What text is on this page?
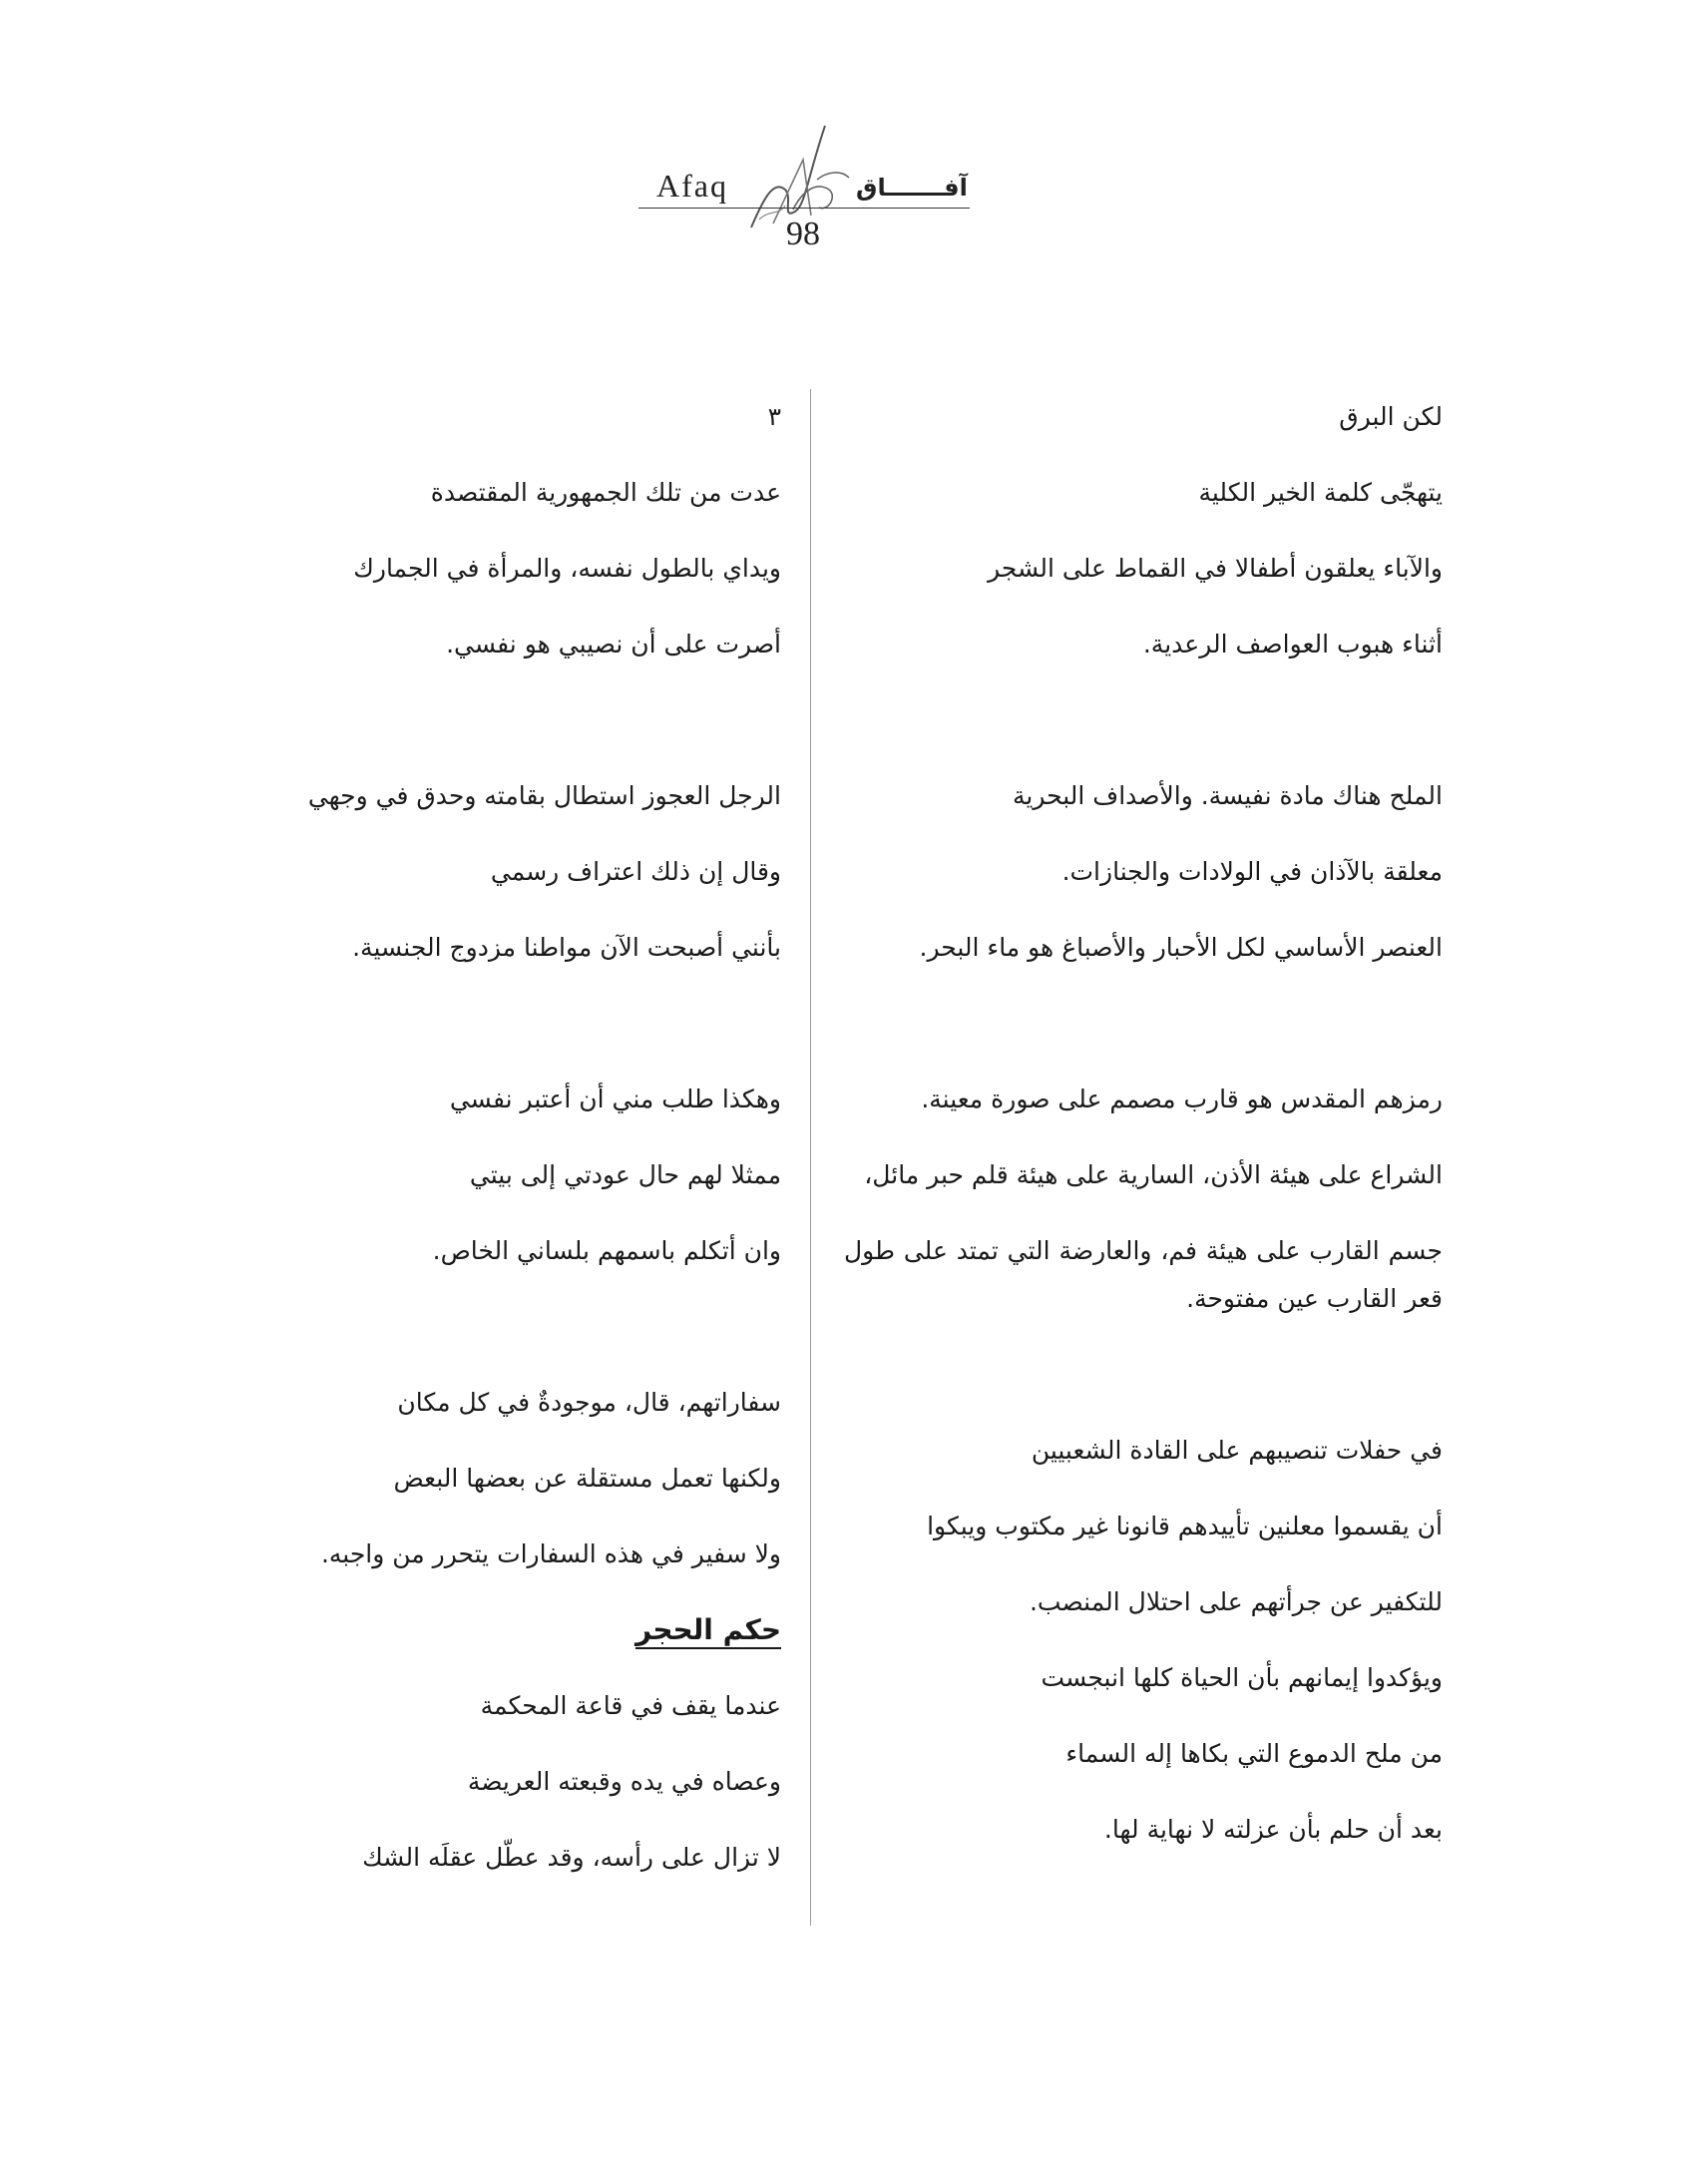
Afaq	آفـــــــاق
98
لكن البرق
يتهجّى كلمة الخير الكلية
والآباء يعلقون أطفالا في القماط على الشجر
أثناء هبوب العواصف الرعدية.
الملح هناك مادة نفيسة. والأصداف البحرية
معلقة بالآذان في الولادات والجنازات.
العنصر الأساسي لكل الأحبار والأصباغ هو ماء البحر.
رمزهم المقدس هو قارب مصمم على صورة معينة.
الشراع على هيئة الأذن، السارية على هيئة قلم حبر مائل،
جسم القارب على هيئة فم، والعارضة التي تمتد على طول قعر القارب عين مفتوحة.
في حفلات تنصيبهم على القادة الشعبيين
أن يقسموا معلنين تأييدهم قانونا غير مكتوب ويبكوا
للتكفير عن جرأتهم على احتلال المنصب.
ويؤكدوا إيمانهم بأن الحياة كلها انبجست
من ملح الدموع التي بكاها إله السماء
بعد أن حلم بأن عزلته لا نهاية لها.
٣
عدت من تلك الجمهورية المقتصدة
ويداي بالطول نفسه، والمرأة في الجمارك
أصرت على أن نصيبي هو نفسي.
الرجل العجوز استطال بقامته وحدق في وجهي
وقال إن ذلك اعتراف رسمي
بأنني أصبحت الآن مواطنا مزدوج الجنسية.
وهكذا طلب مني أن أعتبر نفسي
ممثلا لهم حال عودتي إلى بيتي
وان أتكلم باسمهم بلساني الخاص.
سفاراتهم، قال، موجودةٌ في كل مكان
ولكنها تعمل مستقلة عن بعضها البعض
ولا سفير في هذه السفارات يتحرر من واجبه.
حكم الحجر
عندما يقف في قاعة المحكمة
وعصاه في يده وقبعته العريضة
لا تزال على رأسه، وقد عطّل عقلَه الشك
